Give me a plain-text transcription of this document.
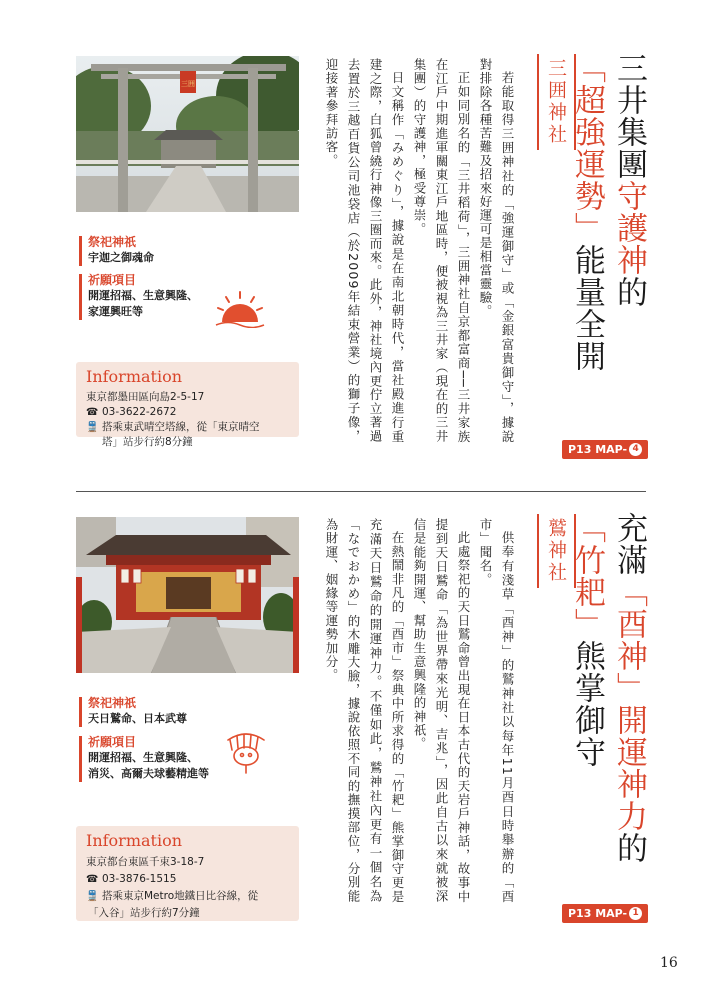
三井集團守護神的
「超強運勢」能量全開
三囲神社

若能取得三囲神社的「強運御守」或「金銀富貴御守」，據說對排除各種苦難及招來好運可是相當靈驗。

正如同別名的「三井稻荷」，三囲神社自京都富商──三井家族在江戶中期進軍關東江戶地區時，便被視為三井家（現在的三井集團）的守護神，極受尊崇。

日文稱作「みめぐり」，據說是在南北朝時代，當社殿進行重建之際，白狐曾繞行神像三圈而來。此外，神社境內更佇立著過去置於三越百貨公司池袋店（於2009年結束營業）的獅子像，迎接著參拜訪客。

三囲
祭祀神祇
宇迦之御魂命
祈願項目
開運招福、生意興隆、
家運興旺等
Information
東京都墨田區向島2-5-17
☎ 03-3622-2672
🚆 搭乘東武晴空塔線，從「東京晴空
塔」站步行約8分鐘
P13 MAP- 4
充滿「酉神」開運神力的
「竹耙」熊掌御守
鷲神社

供奉有淺草「酉神」的鷲神社以每年11月酉日時舉辦的「酉市」聞名。

此處祭祀的天日鷲命曾出現在日本古代的天岩戶神話，故事中提到天日鷲命「為世界帶來光明、吉兆」，因此自古以來就被深信是能夠開運、幫助生意興隆的神祇。

在熱鬧非凡的「酉市」祭典中所求得的「竹耙」熊掌御守更是充滿天日鷲命的開運神力。不僅如此，鷲神社內更有一個名為「なでおかめ」的木雕大臉，據說依照不同的撫摸部位，分別能為財運、姻緣等運勢加分。

祭祀神祇
天日鷲命、日本武尊
祈願項目
開運招福、生意興隆、
消災、高爾夫球藝精進等
Information
東京都台東區千束3-18-7
☎ 03-3876-1515
🚆 搭乘東京Metro地鐵日比谷線，從
「入谷」站步行約7分鐘	P13 MAP- 1
16
